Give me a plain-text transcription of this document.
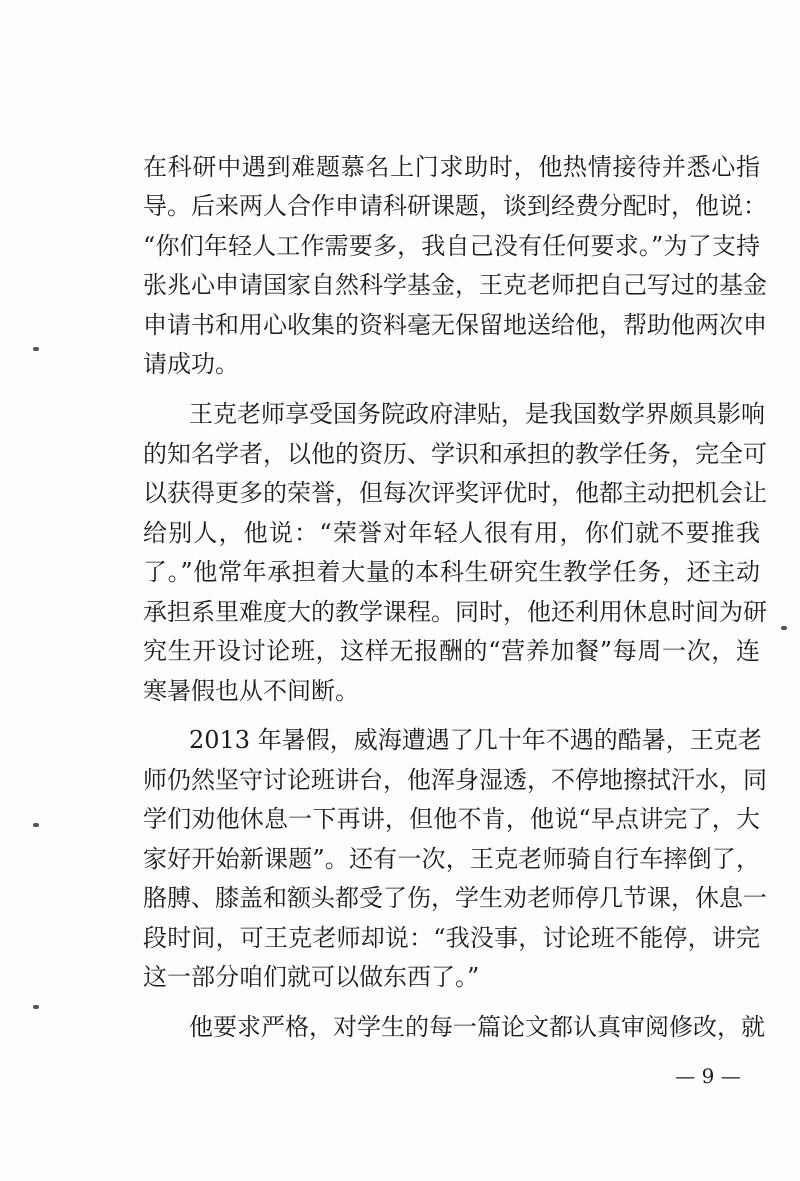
在科研中遇到难题慕名上门求助时，他热情接待并悉心指
导。后来两人合作申请科研课题，谈到经费分配时，他说：
“你们年轻人工作需要多，我自己没有任何要求。”为了支持
张兆心申请国家自然科学基金，王克老师把自己写过的基金
申请书和用心收集的资料毫无保留地送给他，帮助他两次申
请成功。
王克老师享受国务院政府津贴，是我国数学界颇具影响
的知名学者，以他的资历、学识和承担的教学任务，完全可
以获得更多的荣誉，但每次评奖评优时，他都主动把机会让
给别人，他说：“荣誉对年轻人很有用，你们就不要推我
了。”他常年承担着大量的本科生研究生教学任务，还主动
承担系里难度大的教学课程。同时，他还利用休息时间为研
究生开设讨论班，这样无报酬的“营养加餐”每周一次，连
寒暑假也从不间断。
2013 年暑假，威海遭遇了几十年不遇的酷暑，王克老
师仍然坚守讨论班讲台，他浑身湿透，不停地擦拭汗水，同
学们劝他休息一下再讲，但他不肯，他说“早点讲完了，大
家好开始新课题”。还有一次，王克老师骑自行车摔倒了，
胳膊、膝盖和额头都受了伤，学生劝老师停几节课，休息一
段时间，可王克老师却说：“我没事，讨论班不能停，讲完
这一部分咱们就可以做东西了。”
他要求严格，对学生的每一篇论文都认真审阅修改，就
— 9 —
